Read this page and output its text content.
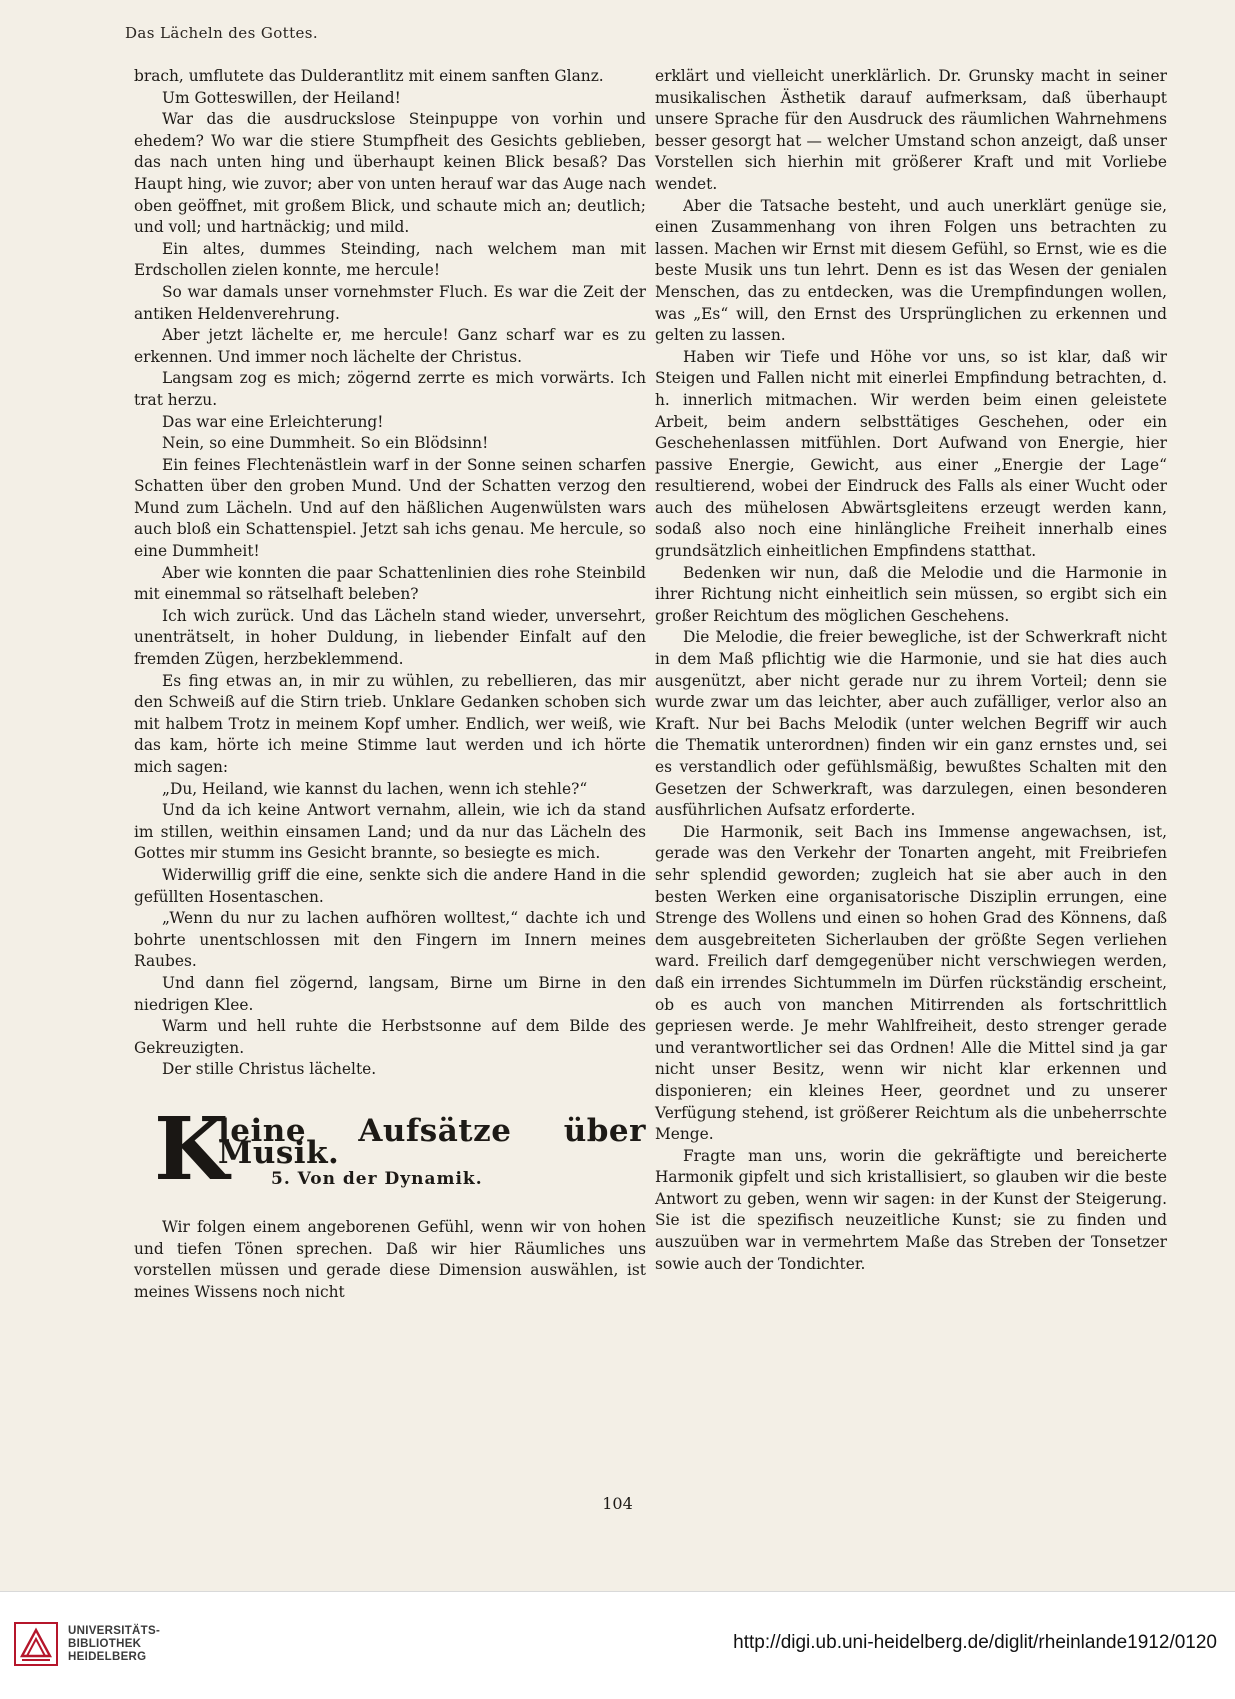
Das Lächeln des Gottes.

brach, umflutete das Dulderantlitz mit einem sanften Glanz.

Um Gotteswillen, der Heiland!

War das die ausdruckslose Steinpuppe von vorhin und ehedem? Wo war die stiere Stumpfheit des Gesichts geblieben, das nach unten hing und überhaupt keinen Blick besaß? Das Haupt hing, wie zuvor; aber von unten herauf war das Auge nach oben geöffnet, mit großem Blick, und schaute mich an; deutlich; und voll; und hartnäckig; und mild.

Ein altes, dummes Steinding, nach welchem man mit Erdschollen zielen konnte, me hercule!

So war damals unser vornehmster Fluch. Es war die Zeit der antiken Heldenverehrung.

Aber jetzt lächelte er, me hercule! Ganz scharf war es zu erkennen. Und immer noch lächelte der Christus.

Langsam zog es mich; zögernd zerrte es mich vorwärts. Ich trat herzu.

Das war eine Erleichterung!

Nein, so eine Dummheit. So ein Blödsinn!

Ein feines Flechtenästlein warf in der Sonne seinen scharfen Schatten über den groben Mund. Und der Schatten verzog den Mund zum Lächeln. Und auf den häßlichen Augenwülsten wars auch bloß ein Schattenspiel. Jetzt sah ichs genau. Me hercule, so eine Dummheit!

Aber wie konnten die paar Schattenlinien dies rohe Steinbild mit einemmal so rätselhaft beleben?

Ich wich zurück. Und das Lächeln stand wieder, unversehrt, unenträtselt, in hoher Duldung, in liebender Einfalt auf den fremden Zügen, herzbeklemmend.

Es fing etwas an, in mir zu wühlen, zu rebellieren, das mir den Schweiß auf die Stirn trieb. Unklare Gedanken schoben sich mit halbem Trotz in meinem Kopf umher. Endlich, wer weiß, wie das kam, hörte ich meine Stimme laut werden und ich hörte mich sagen:

„Du, Heiland, wie kannst du lachen, wenn ich stehle?“

Und da ich keine Antwort vernahm, allein, wie ich da stand im stillen, weithin einsamen Land; und da nur das Lächeln des Gottes mir stumm ins Gesicht brannte, so besiegte es mich.

Widerwillig griff die eine, senkte sich die andere Hand in die gefüllten Hosentaschen.

„Wenn du nur zu lachen aufhören wolltest,“ dachte ich und bohrte unentschlossen mit den Fingern im Innern meines Raubes.

Und dann fiel zögernd, langsam, Birne um Birne in den niedrigen Klee.

Warm und hell ruhte die Herbstsonne auf dem Bilde des Gekreuzigten.

Der stille Christus lächelte.

K
leine Aufsätze über Musik.
5. Von der Dynamik.

Wir folgen einem angeborenen Gefühl, wenn wir von hohen und tiefen Tönen sprechen. Daß wir hier Räumliches uns vorstellen müssen und gerade diese Dimension auswählen, ist meines Wissens noch nicht

erklärt und vielleicht unerklärlich. Dr. Grunsky macht in seiner musikalischen Ästhetik darauf aufmerksam, daß überhaupt unsere Sprache für den Ausdruck des räumlichen Wahrnehmens besser gesorgt hat — welcher Umstand schon anzeigt, daß unser Vorstellen sich hierhin mit größerer Kraft und mit Vorliebe wendet.

Aber die Tatsache besteht, und auch unerklärt genüge sie, einen Zusammenhang von ihren Folgen uns betrachten zu lassen. Machen wir Ernst mit diesem Gefühl, so Ernst, wie es die beste Musik uns tun lehrt. Denn es ist das Wesen der genialen Menschen, das zu entdecken, was die Urempfindungen wollen, was „Es“ will, den Ernst des Ursprünglichen zu erkennen und gelten zu lassen.

Haben wir Tiefe und Höhe vor uns, so ist klar, daß wir Steigen und Fallen nicht mit einerlei Empfindung betrachten, d. h. innerlich mitmachen. Wir werden beim einen geleistete Arbeit, beim andern selbsttätiges Geschehen, oder ein Geschehenlassen mitfühlen. Dort Aufwand von Energie, hier passive Energie, Gewicht, aus einer „Energie der Lage“ resultierend, wobei der Eindruck des Falls als einer Wucht oder auch des mühelosen Abwärtsgleitens erzeugt werden kann, sodaß also noch eine hinlängliche Freiheit innerhalb eines grundsätzlich einheitlichen Empfindens statthat.

Bedenken wir nun, daß die Melodie und die Harmonie in ihrer Richtung nicht einheitlich sein müssen, so ergibt sich ein großer Reichtum des möglichen Geschehens.

Die Melodie, die freier bewegliche, ist der Schwerkraft nicht in dem Maß pflichtig wie die Harmonie, und sie hat dies auch ausgenützt, aber nicht gerade nur zu ihrem Vorteil; denn sie wurde zwar um das leichter, aber auch zufälliger, verlor also an Kraft. Nur bei Bachs Melodik (unter welchen Begriff wir auch die Thematik unterordnen) finden wir ein ganz ernstes und, sei es verstandlich oder gefühlsmäßig, bewußtes Schalten mit den Gesetzen der Schwerkraft, was darzulegen, einen besonderen ausführlichen Aufsatz erforderte.

Die Harmonik, seit Bach ins Immense angewachsen, ist, gerade was den Verkehr der Tonarten angeht, mit Freibriefen sehr splendid geworden; zugleich hat sie aber auch in den besten Werken eine organisatorische Disziplin errungen, eine Strenge des Wollens und einen so hohen Grad des Könnens, daß dem ausgebreiteten Sicherlauben der größte Segen verliehen ward. Freilich darf demgegenüber nicht verschwiegen werden, daß ein irrendes Sichtummeln im Dürfen rückständig erscheint, ob es auch von manchen Mitirrenden als fortschrittlich gepriesen werde. Je mehr Wahlfreiheit, desto strenger gerade und verantwortlicher sei das Ordnen! Alle die Mittel sind ja gar nicht unser Besitz, wenn wir nicht klar erkennen und disponieren; ein kleines Heer, geordnet und zu unserer Verfügung stehend, ist größerer Reichtum als die unbeherrschte Menge.

Fragte man uns, worin die gekräftigte und bereicherte Harmonik gipfelt und sich kristallisiert, so glauben wir die beste Antwort zu geben, wenn wir sagen: in der Kunst der Steigerung. Sie ist die spezifisch neuzeitliche Kunst; sie zu finden und auszuüben war in vermehrtem Maße das Streben der Tonsetzer sowie auch der Tondichter.

104
UNIVERSITÄTS-
BIBLIOTHEK
HEIDELBERG
http://digi.ub.uni-heidelberg.de/diglit/rheinlande1912/0120
